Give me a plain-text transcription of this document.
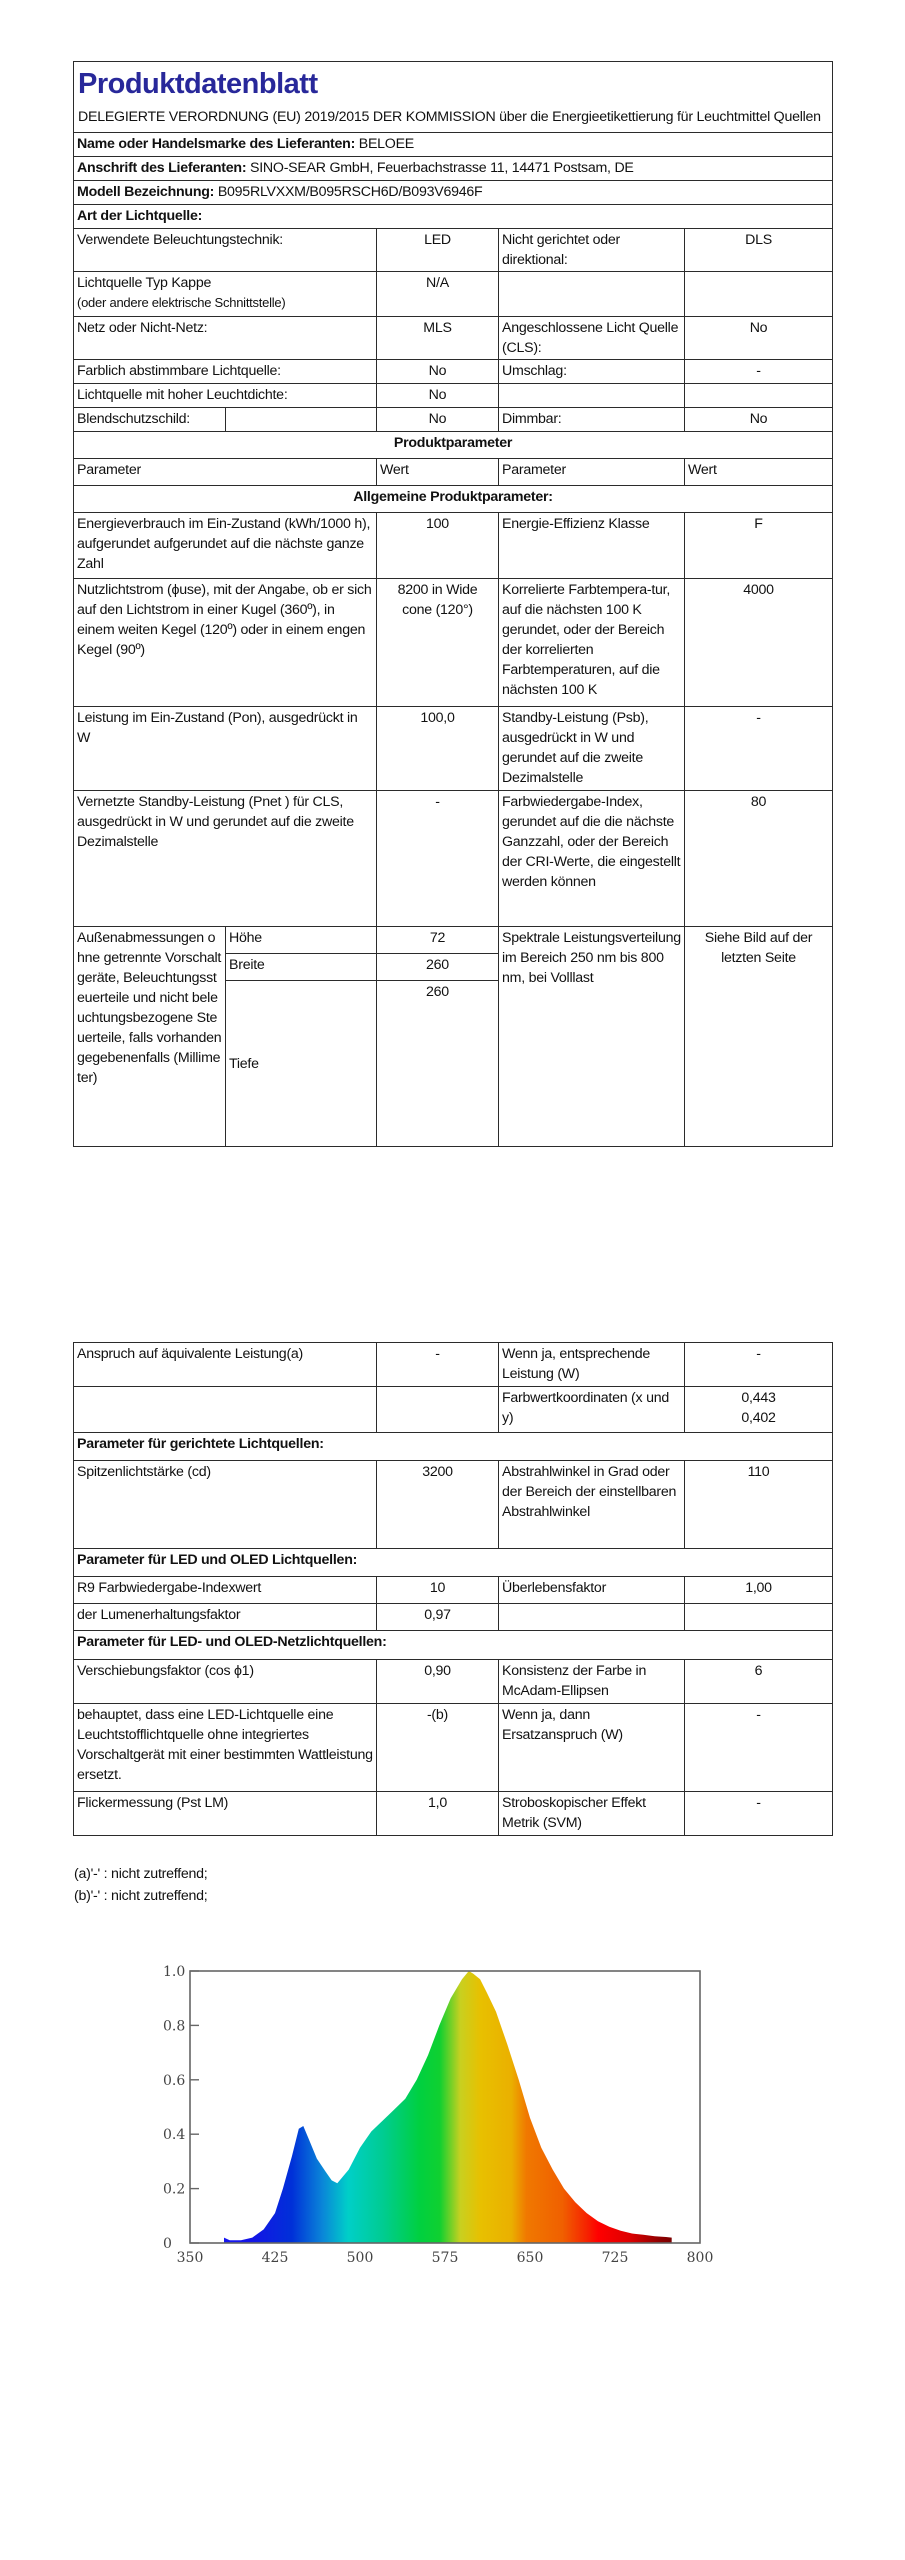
Produktdatenblatt
DELEGIERTE VERORDNUNG (EU) 2019/2015 DER KOMMISSION über die Energieetikettierung für Leuchtmittel Quellen				

Name oder Handelsmarke des Lieferanten: BELOEE				
Anschrift des Lieferanten: SINO-SEAR GmbH, Feuerbachstrasse 11, 14471 Postsam, DE				
Modell Bezeichnung: B095RLVXXM/B095RSCH6D/B093V6946F				
Art der Lichtquelle:				
Verwendete Beleuchtungstechnik:		LED	Nicht gerichtet oder direktional:	DLS

Lichtquelle Typ Kappe
(oder andere elektrische Schnittstelle)		N/A		
Netz oder Nicht-Netz:		MLS	Angeschlossene Licht Quelle (CLS):	No
Farblich abstimmbare Lichtquelle:		No	Umschlag:	-
Lichtquelle mit hoher Leuchtdichte:		No		
Blendschutzschild:		No	Dimmbar:	No
Produktparameter				
Parameter		Wert	Parameter	Wert
Allgemeine Produktparameter:				
Energieverbrauch im Ein-Zustand (kWh/1000 h), aufgerundet aufgerundet auf die nächste ganze Zahl		100	Energie-Effizienz Klasse	F
Nutzlichtstrom (ϕuse), mit der Angabe, ob er sich auf den Lichtstrom in einer Kugel (360º), in einem weiten Kegel (120º) oder in einem engen Kegel (90º)		8200 in Wide cone (120°)	Korrelierte Farbtempera-tur, auf die nächsten 100 K gerundet, oder der Bereich der korrelierten Farbtemperaturen, auf die nächsten 100 K	4000
Leistung im Ein-Zustand (Pon), ausgedrückt in W		100,0	Standby-Leistung (Psb), ausgedrückt in W und gerundet auf die zweite Dezimalstelle	-
Vernetzte Standby-Leistung (Pnet ) für CLS, ausgedrückt in W und gerundet auf die zweite Dezimalstelle		-	Farbwiedergabe-Index, gerundet auf die die nächste Ganzzahl, oder der Bereich der CRI-Werte, die eingestellt werden können	80
Außenabmessungen ohne getrennte Vorschaltgeräte, Beleuchtungssteuerteile und nicht beleuchtungsbezogene Steuerteile, falls vorhanden gegebenenfalls (Millimeter)	Höhe	72	Spektrale Leistungsverteilung im Bereich 250 nm bis 800 nm, bei Volllast	Siehe Bild auf der letzten Seite
	Breite	260		
	Tiefe	260		
Anspruch auf äquivalente Leistung(a)	-	Wenn ja, entsprechende Leistung (W)	-
		Farbwertkoordinaten (x und y)	0,443
0,402

Parameter für gerichtete Lichtquellen:			
Spitzenlichtstärke (cd)	3200	Abstrahlwinkel in Grad oder der Bereich der einstellbaren Abstrahlwinkel	110
Parameter für LED und OLED Lichtquellen:			
R9 Farbwiedergabe-Indexwert	10	Überlebensfaktor	1,00
der Lumenerhaltungsfaktor	0,97		
Parameter für LED- und OLED-Netzlichtquellen:			
Verschiebungsfaktor (cos ϕ1)	0,90	Konsistenz der Farbe in McAdam-Ellipsen	6
behauptet, dass eine LED-Lichtquelle eine Leuchtstofflichtquelle ohne integriertes Vorschaltgerät mit einer bestimmten Wattleistung ersetzt.	-(b)	Wenn ja, dann Ersatzanspruch (W)	-
Flickermessung (Pst LM)	1,0	Stroboskopischer Effekt Metrik (SVM)	-
(a)'-' : nicht zutreffend;
(b)'-' : nicht zutreffend;
0
0.2
0.4
0.6
0.8
1.0
350	425	500	575	650	725	800
